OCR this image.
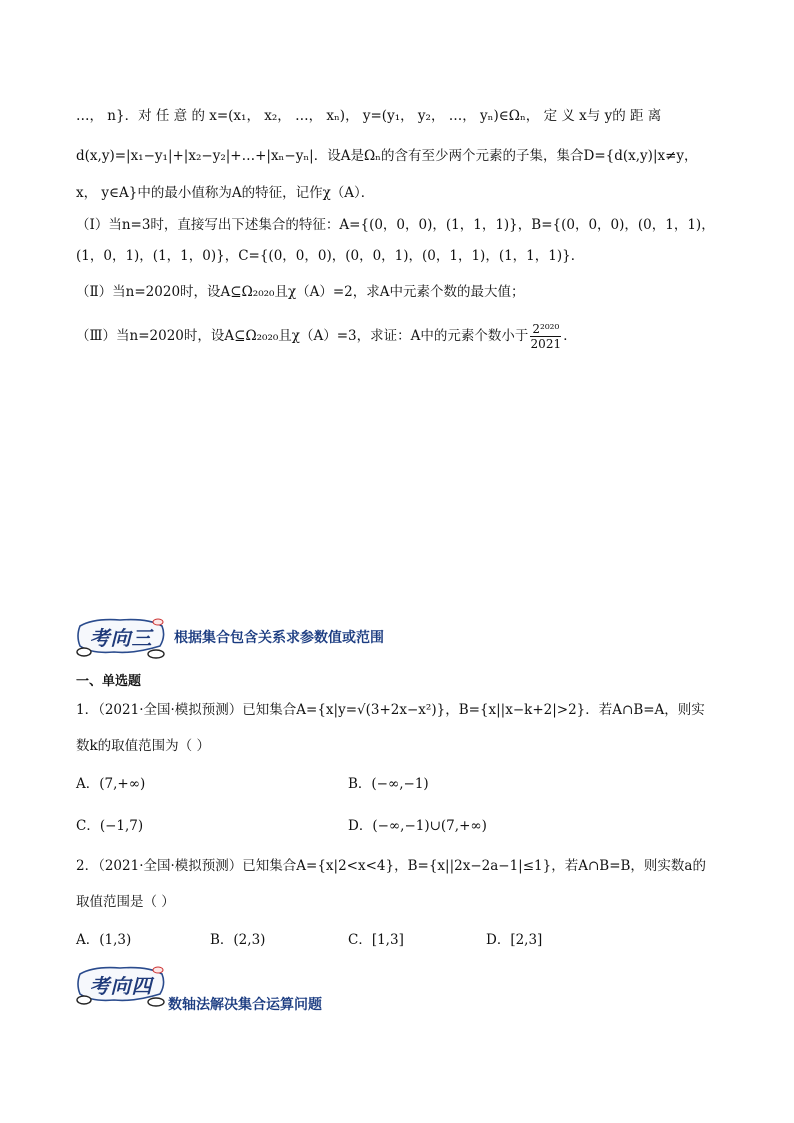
…， n}．对 任 意 的 x=(x₁， x₂， …， xₙ)， y=(y₁， y₂， …， yₙ)∈Ωₙ， 定 义 x与 y的 距 离
d(x,y)=|x₁−y₁|+|x₂−y₂|+…+|xₙ−yₙ|．设A是Ωₙ的含有至少两个元素的子集，集合D={d(x,y)|x≠y，
x， y∈A}中的最小值称为A的特征，记作χ（A）．
（Ⅰ）当n=3时，直接写出下述集合的特征：A={(0，0，0)，(1，1，1)}，B={(0，0，0)，(0，1，1)，
(1，0，1)，(1，1，0)}，C={(0，0，0)，(0，0，1)，(0，1，1)，(1，1，1)}．
（Ⅱ）当n=2020时，设A⊆Ω₂₀₂₀且χ（A）=2，求A中元素个数的最大值；
（Ⅲ）当n=2020时，设A⊆Ω₂₀₂₀且χ（A）=3，求证：A中的元素个数小于 $\frac{\text{2²⁰²⁰}}{2021}$ ．
考向三 根据集合包含关系求参数值或范围
一、单选题
1．（2021·全国·模拟预测）已知集合A={x|y=√(3+2x−x²)}，B={x||x−k+2|>2}．若A∩B=A，则实
数k的取值范围为（ ）
A．(7,+∞)	B．(−∞,−1)
C．(−1,7)	D．(−∞,−1)∪(7,+∞)
2．（2021·全国·模拟预测）已知集合A={x|2<x<4}，B={x||2x−2a−1|≤1}，若A∩B=B，则实数a的
取值范围是（ ）
A．(1,3)	B．(2,3)	C．[1,3]	D．[2,3]
考向四
数轴法解决集合运算问题
